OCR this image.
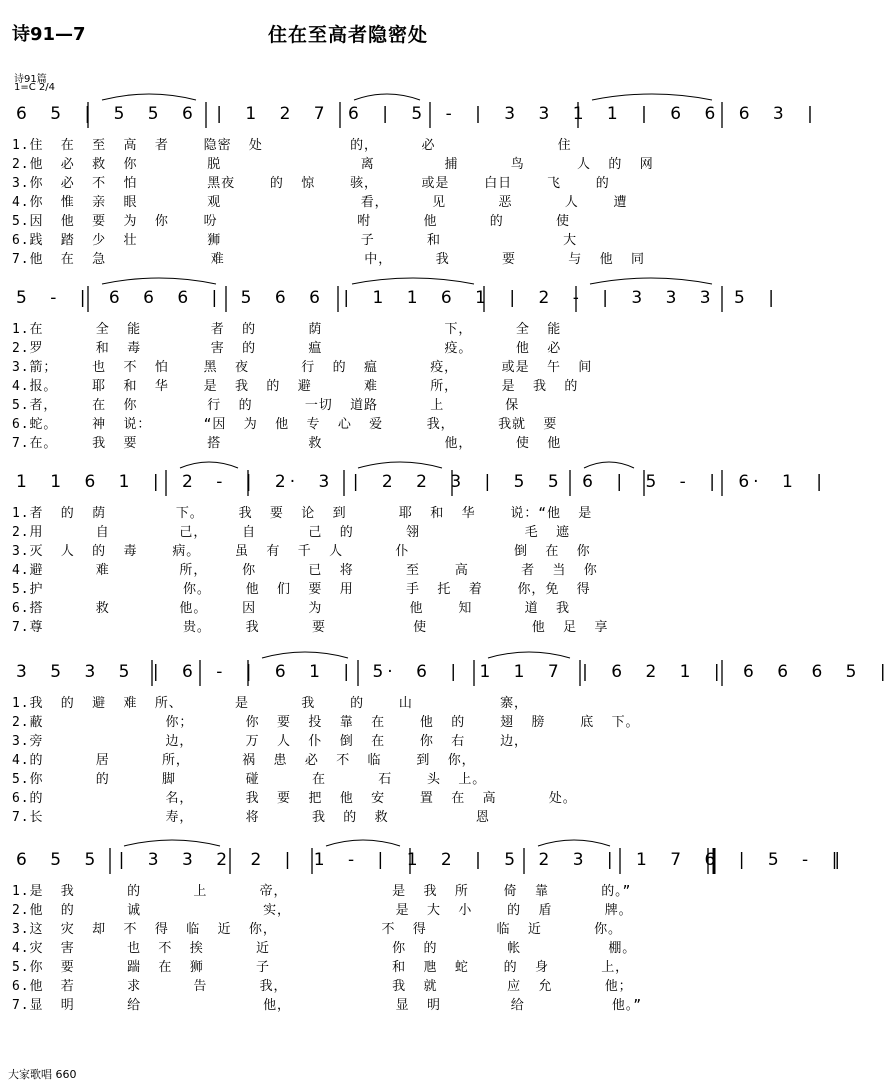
诗91—7	住在至高者隐密处
诗91篇
1=C 2/4
6 5 | 5 5 6 | 1 2 7 6 | 5 - | 3 3 1 1 | 6 6 6 3 |
1.住  在  至  高  者    隐密  处          的，     必              住
2.他  必  救  你        脱                离        捕      鸟      人  的  网
3.你  必  不  怕        黑夜    的  惊    骇，     或是    白日    飞    的
4.你  惟  亲  眼        观                看，     见      恶      人    遭
5.因  他  要  为  你    吩                咐      他      的      使
6.践  踏  少  壮        狮                子      和              大
7.他  在  急            难                中，     我      要      与  他  同
5 - | 6 6 6 | 5 6 6 | 1 1 6 1 | 2 - | 3 3 3 5 |
1.在      全  能        者  的      荫              下，     全  能
2.罗      和  毒        害  的      瘟              疫。     他  必
3.箭；    也  不  怕    黑  夜      行  的  瘟      疫，     或是  午  间
4.报。    耶  和  华    是  我  的  避      难      所，     是  我  的
5.者，    在  你        行  的      一切  道路      上       保
6.蛇。    神  说：      “因  为  他  专  心  爱     我，     我就  要
7.在。    我  要        搭          救              他，     使  他
1 1 6 1 | 2 - | 2· 3 | 2 2 3 | 5 5 6 | 5 - | 6· 1 |
1.者  的  荫        下。    我  要  论  到      耶  和  华    说：“他  是
2.用      自        己，    自      己  的      翎            毛  遮
3.灭  人  的  毒    病。    虽  有  千  人      仆            倒  在  你
4.避      难        所，    你      已  将      至    高      者  当  你
5.护                你。    他  们  要  用      手  托  着    你，免  得
6.搭      救        他。    因      为          他    知      道  我
7.尊                贵。    我      要          使            他  足  享
3 5 3 5 | 6 - | 6 1 | 5· 6 | 1 1 7 | 6 2 1 | 6 6 6 5 |
1.我  的  避  难  所、      是      我    的    山          寨，
2.蔽              你；      你  要  投  靠  在    他  的    翅  膀    底  下。
3.旁              边，      万  人  仆  倒  在    你  右    边，
4.的      居      所，      祸  患  必  不  临    到  你，
5.你      的      脚        碰      在      石    头  上。
6.的              名，      我  要  把  他  安    置  在  高      处。
7.长              寿，      将      我  的  救          恩
6 5 5 | 3 3 2 2 | 1 - | 1 2 | 5 2 3 | 1 7 6 | 5 - ‖
1.是  我      的      上      帝，            是  我  所    倚  靠      的。”
2.他  的      诚              实，            是  大  小    的  盾      牌。
3.这  灾  却  不  得  临  近  你，            不  得        临  近      你。
4.灾  害      也  不  挨      近              你  的        帐          棚。
5.你  要      踹  在  狮      子              和  虺  蛇    的  身      上，
6.他  若      求      告      我，            我  就        应  允      他；
7.显  明      给              他，            显  明        给          他。”
大家歌唱 660
